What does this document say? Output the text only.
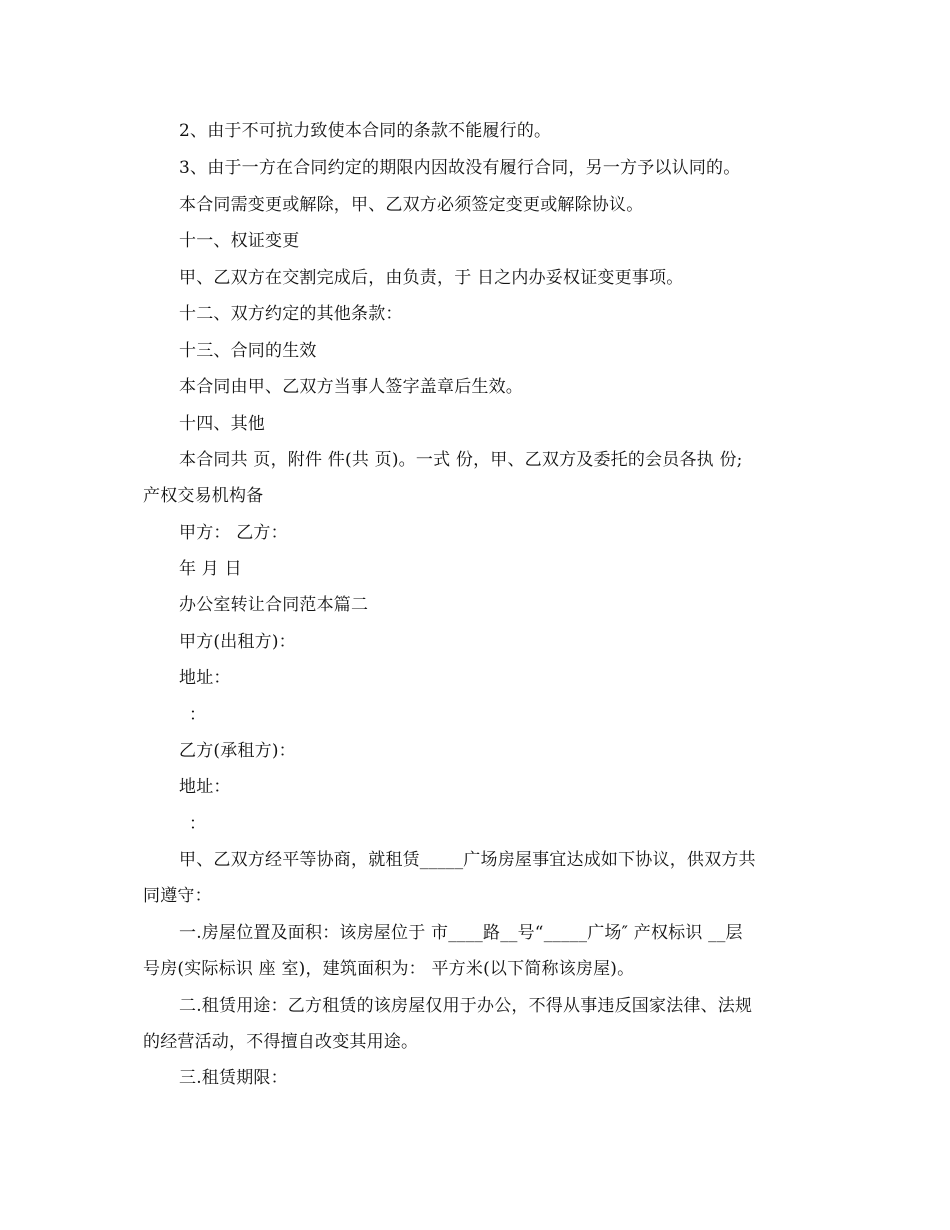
2、由于不可抗力致使本合同的条款不能履行的。
3、由于一方在合同约定的期限内因故没有履行合同，另一方予以认同的。
本合同需变更或解除，甲、乙双方必须签定变更或解除协议。
十一、权证变更
甲、乙双方在交割完成后，由负责，于 日之内办妥权证变更事项。
十二、双方约定的其他条款：
十三、合同的生效
本合同由甲、乙双方当事人签字盖章后生效。
十四、其他
本合同共 页，附件 件(共 页)。一式 份，甲、乙双方及委托的会员各执 份;
产权交易机构备
甲方： 乙方：
年 月 日
办公室转让合同范本篇二
甲方(出租方)：
地址：
：
乙方(承租方)：
地址：
：
甲、乙双方经平等协商，就租赁_____广场房屋事宜达成如下协议，供双方共
同遵守：
一.房屋位置及面积：该房屋位于 市____路__号“_____广场″ 产权标识 __层
号房(实际标识 座 室)，建筑面积为： 平方米(以下简称该房屋)。
二.租赁用途：乙方租赁的该房屋仅用于办公，不得从事违反国家法律、法规
的经营活动，不得擅自改变其用途。
三.租赁期限：
